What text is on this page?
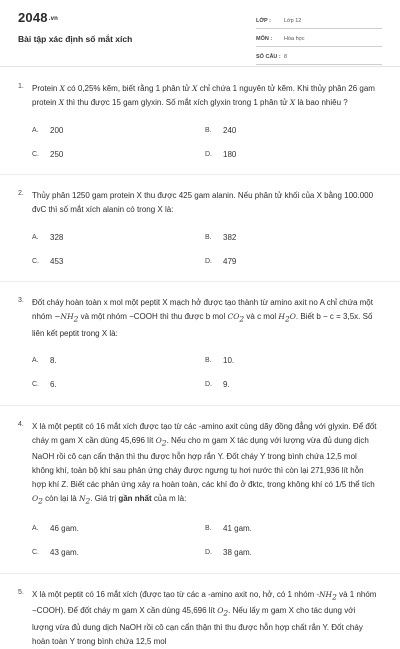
2048.vn
Bài tập xác định số mắt xích
LỚP :	Lớp 12
MÔN :	Hóa học
SỐ CÂU : 8
1.	Protein X có 0,25% kẽm, biết rằng 1 phân tử X chỉ chứa 1 nguyên tử kẽm. Khi thủy phân 26 gam protein X thì thu được 15 gam glyxin. Số mắt xích glyxin trong 1 phân tử X là bao nhiêu ?
A.	200	B.	240
C.	250	D.	180
2.	Thủy phân 1250 gam protein X thu được 425 gam alanin. Nếu phân tử khối của X bằng 100.000 đvC thì số mắt xích alanin có trong X là:
A.	328	B.	382
C.	453	D.	479
3.	Đốt cháy hoàn toàn x mol một peptit X mạch hở được tạo thành từ amino axit no A chỉ chứa một nhóm $-NH_2$ và một nhóm −COOH thì thu được b mol $CO_2$ và c mol $H_2O$. Biết b − c = 3,5x. Số liên kết peptit trong X là:
A.	8.	B.	10.
C.	6.	D.	9.
4.	X là một peptit có 16 mắt xích được tạo từ các -amino axit cùng dãy đồng đẳng với glyxin. Để đốt cháy m gam X cần dùng 45,696 lít $O_2$. Nếu cho m gam X tác dụng với lượng vừa đủ dung dịch NaOH rồi cô cạn cẩn thận thì thu được hỗn hợp rắn Y. Đốt cháy Y trong bình chứa 12,5 mol không khí, toàn bộ khí sau phản ứng cháy được ngưng tụ hơi nước thì còn lại 271,936 lít hỗn hợp khí Z. Biết các phản ứng xảy ra hoàn toàn, các khí đo ở đktc, trong không khí có 1/5 thể tích $O_2$ còn lại là $N_2$. Giá trị gần nhất của m là:
A.	46 gam.	B.	41 gam.
C.	43 gam.	D.	38 gam.
5.	X là một peptit có 16 mắt xích (được tạo từ các a -amino axit no, hở, có 1 nhóm $-NH_2$ và 1 nhóm −COOH). Để đốt cháy m gam X cần dùng 45,696 lít $O_2$. Nếu lấy m gam X cho tác dụng với lượng vừa đủ dung dịch NaOH rồi cô cạn cẩn thận thì thu được hỗn hợp chất rắn Y. Đốt cháy hoàn toàn Y trong bình chứa 12,5 mol
